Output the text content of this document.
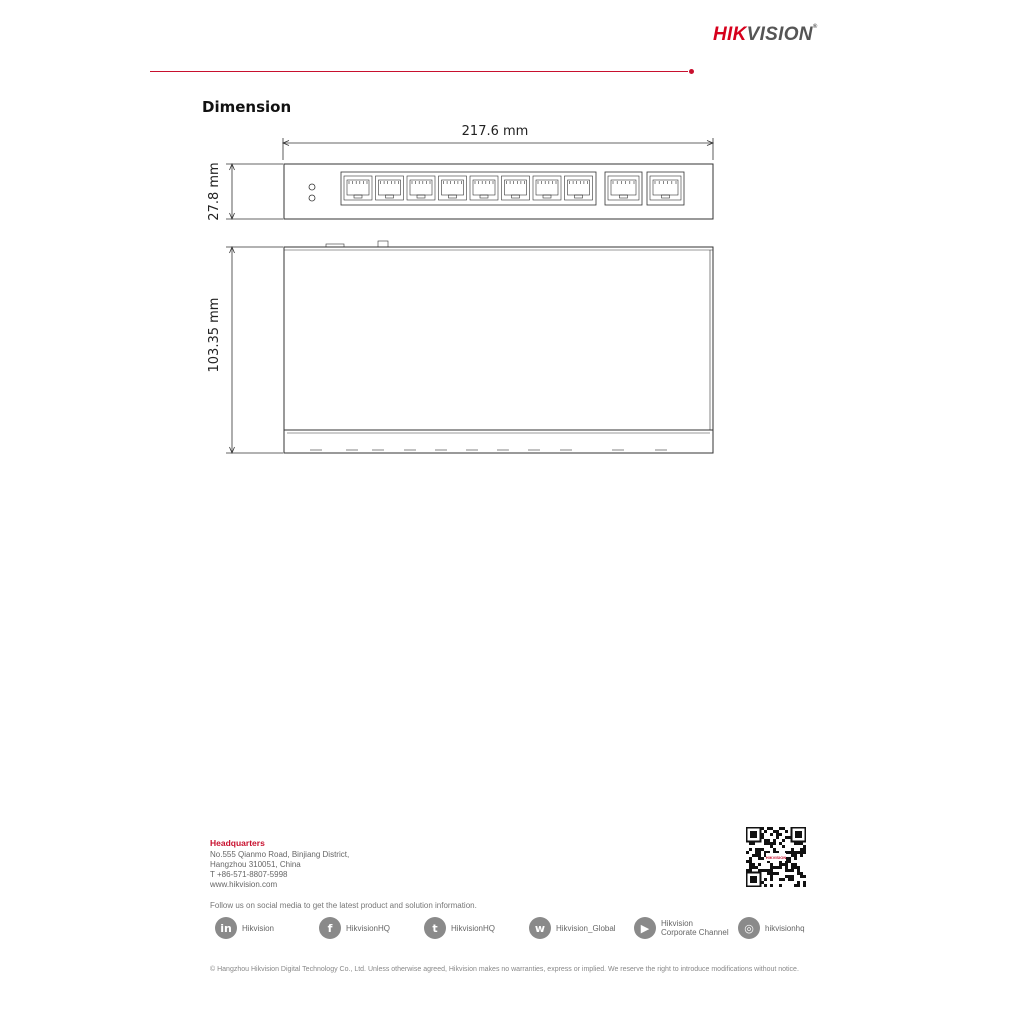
HIKVISION®
Dimension
217.6 mm
27.8 mm
103.35 mm
Headquarters
No.555 Qianmo Road, Binjiang District,
Hangzhou 310051, China
T +86-571-8807-5998
www.hikvision.com
HIKVISION
Follow us on social media to get the latest product and solution information.
in	Hikvision	f	HikvisionHQ	t	HikvisionHQ	w	Hikvision_Global	▶	Hikvision
Corporate Channel	◎	hikvisionhq
© Hangzhou Hikvision Digital Technology Co., Ltd. Unless otherwise agreed, Hikvision makes no warranties, express or implied. We reserve the right to introduce modifications without notice.
